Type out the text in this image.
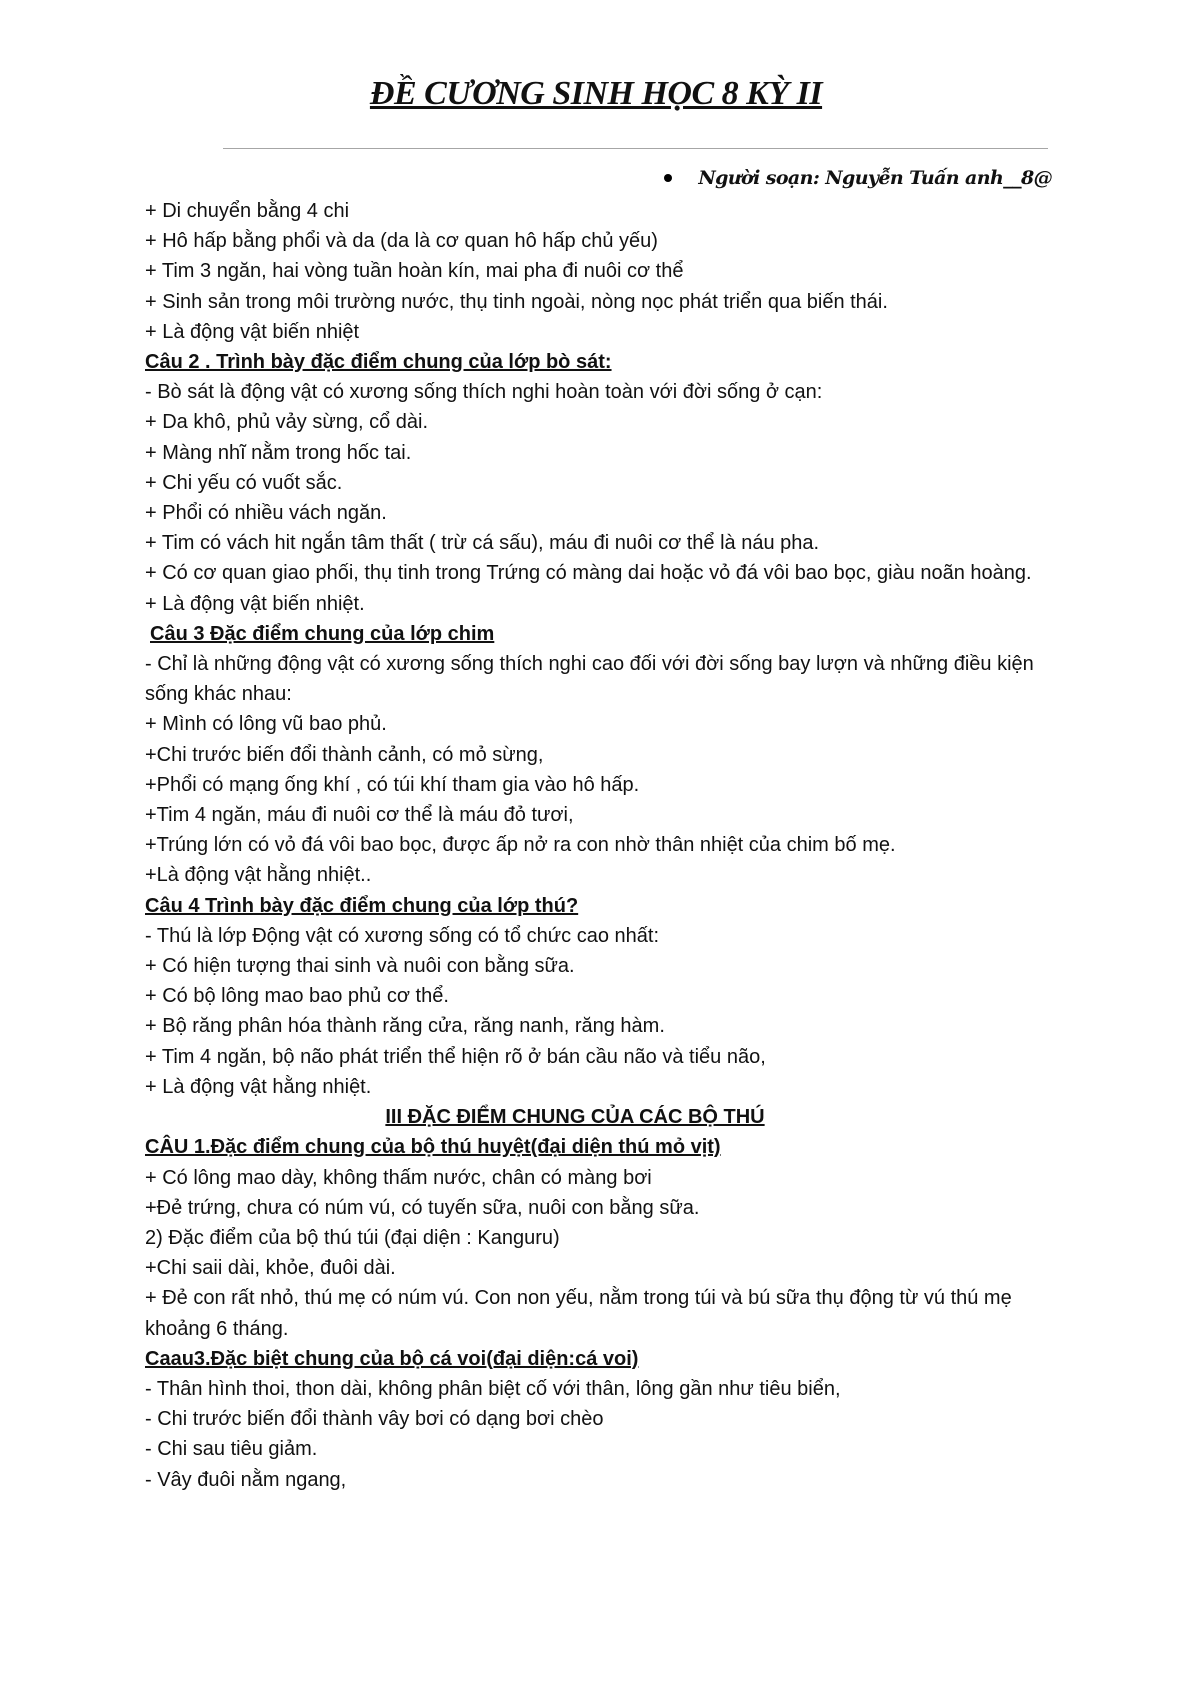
ĐỀ CƯƠNG SINH HỌC 8 KỲ II
Người soạn: Nguyễn Tuấn anh__8@

+ Di chuyển bằng 4 chi

+ Hô hấp bằng phổi và da (da là cơ quan hô hấp chủ yếu)

+ Tim 3 ngăn, hai vòng tuần hoàn kín, mai pha đi nuôi cơ thể

+ Sinh sản trong môi trường nước, thụ tinh ngoài, nòng nọc phát triển qua biến thái.

+ Là động vật biến nhiệt

Câu 2 . Trình bày đặc điểm chung của lớp bò sát:

- Bò sát là động vật có xương sống thích nghi hoàn toàn với đời sống ở cạn:

+ Da khô, phủ vảy sừng, cổ dài.

+ Màng nhĩ nằm trong hốc tai.

+ Chi yếu có vuốt sắc.

+ Phổi có nhiều vách ngăn.

+ Tim có vách hit ngắn tâm thất ( trừ cá sấu), máu đi nuôi cơ thể là náu pha.

+ Có cơ quan giao phối, thụ tinh trong Trứng có màng dai hoặc vỏ đá vôi bao bọc, giàu noãn hoàng.

+ Là động vật biến nhiệt.

Câu 3 Đặc điểm chung của lớp chim

- Chỉ là những động vật có xương sống thích nghi cao đối với đời sống bay lượn và những điều kiện sống khác nhau:

+ Mình có lông vũ bao phủ.

+Chi trước biến đổi thành cảnh, có mỏ sừng,

+Phổi có mạng ống khí , có túi khí tham gia vào hô hấp.

+Tim 4 ngăn, máu đi nuôi cơ thể là máu đỏ tươi,

+Trúng lớn có vỏ đá vôi bao bọc, được ấp nở ra con nhờ thân nhiệt của chim bố mẹ.

+Là động vật hằng nhiệt..

Câu 4 Trình bày đặc điểm chung của lớp thú?

- Thú là lớp Động vật có xương sống có tổ chức cao nhất:

+ Có hiện tượng thai sinh và nuôi con bằng sữa.

+ Có bộ lông mao bao phủ cơ thể.

+ Bộ răng phân hóa thành răng cửa, răng nanh, răng hàm.

+ Tim 4 ngăn, bộ não phát triển thể hiện rõ ở bán cầu não và tiểu não,

+ Là động vật hằng nhiệt.

III ĐẶC ĐIỂM CHUNG CỦA CÁC BỘ THÚ

CÂU 1.Đặc điểm chung của bộ thú huyệt(đại diện thú mỏ vịt)

+ Có lông mao dày, không thấm nước, chân có màng bơi

+Đẻ trứng, chưa có núm vú, có tuyến sữa, nuôi con bằng sữa.

2) Đặc điểm của bộ thú túi (đại diện : Kanguru)

+Chi saii dài, khỏe, đuôi dài.

+ Đẻ con rất nhỏ, thú mẹ có núm vú. Con non yếu, nằm trong túi và bú sữa thụ động từ vú thú mẹ khoảng 6 tháng.

Caau3.Đặc biệt chung của bộ cá voi(đại diện:cá voi)

- Thân hình thoi, thon dài, không phân biệt cố với thân, lông gần như tiêu biển,

- Chi trước biến đổi thành vây bơi có dạng bơi chèo

- Chi sau tiêu giảm.

- Vây đuôi nằm ngang,
